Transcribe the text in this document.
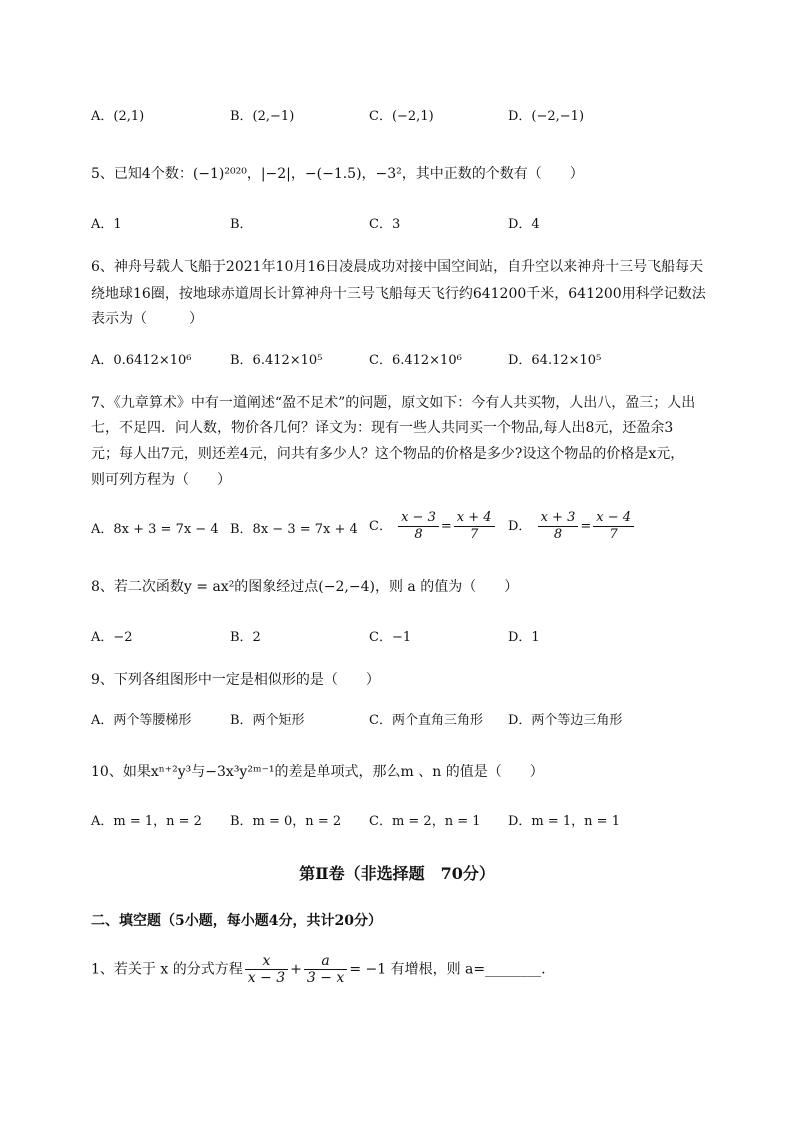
A．(2,1)	B．(2,−1)	C．(−2,1)	D．(−2,−1)
5、已知4个数：(−1)²⁰²⁰，|−2|，−(−1.5)，−3²，其中正数的个数有（　　）
A．1	B．	C．3	D．4
6、神舟号载人飞船于2021年10月16日凌晨成功对接中国空间站，自升空以来神舟十三号飞船每天
绕地球16圈，按地球赤道周长计算神舟十三号飞船每天飞行约641200千米，641200用科学记数法
表示为（　　　）
A．0.6412×10⁶	B．6.412×10⁵	C．6.412×10⁶	D．64.12×10⁵
7、《九章算术》中有一道阐述“盈不足术”的问题，原文如下：今有人共买物，人出八，盈三；人出
七，不足四．问人数，物价各几何？译文为：现有一些人共同买一个物品,每人出8元，还盈余3
元；每人出7元，则还差4元，问共有多少人？这个物品的价格是多少?设这个物品的价格是x元，
则可列方程为（　　）
A．8x + 3 = 7x − 4 B．8x − 3 = 7x + 4 C． $\frac{x - 3}{8} = \frac{x + 4}{7}$ D． $\frac{x + 3}{8} = \frac{x - 4}{7}$
8、若二次函数y = ax²的图象经过点(−2,−4)，则 a 的值为（　　）
A．−2	B．2	C．−1	D．1
9、下列各组图形中一定是相似形的是（　　）
A．两个等腰梯形	B．两个矩形	C．两个直角三角形 D．两个等边三角形
10、如果xⁿ⁺²y³与−3x³y²ᵐ⁻¹的差是单项式，那么m 、n 的值是（　　）
A．m = 1，n = 2 B．m = 0，n = 2 C．m = 2，n = 1 D．m = 1，n = 1
第Ⅱ卷（非选择题　70分）
二、填空题（5小题，每小题4分，共计20分）
1、若关于 x 的分式方程 $\frac{x}{x - 3} + \frac{a}{3 - x} = -1$ 有增根，则 a=________.
